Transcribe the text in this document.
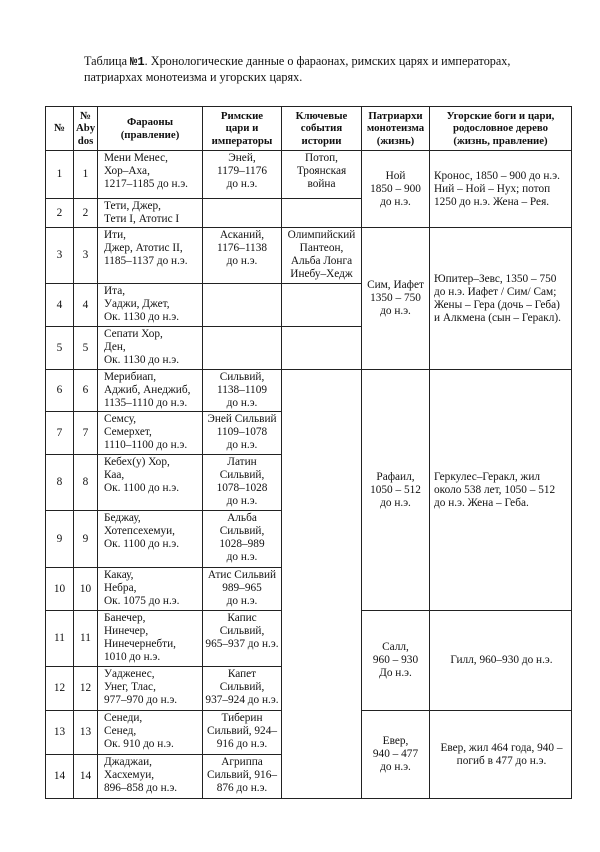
Таблица №1. Хронологические данные о фараонах, римских царях и императорах, патриархах монотеизма и угорских царях.
№	№
Aby
dos	Фараоны
(правление)	Римские
цари и
императоры	Ключевые
события
истории	Патриархи
монотеизма
(жизнь)	Угорские боги и цари,
родословное дерево
(жизнь, правление)

1	1	Мени Менес,
Хор–Аха,
1217–1185 до н.э.	Эней,
1179–1176
до н.э.	Потоп,
Троянская
война	Ной
1850 – 900
до н.э.	Кронос, 1850 – 900 до н.э.
Ний – Ной – Нух; потоп
1250 до н.э. Жена – Рея.

2	2	Тети, Джер,
Тети I, Атотис I				

3	3	Ити,
Джер, Атотис II,
1185–1137 до н.э.	Асканий,
1176–1138
до н.э.	Олимпийский
Пантеон,
Альба Лонга
Инебу–Хедж	Сим, Иафет
1350 – 750
до н.э.	Юпитер–Зевс, 1350 – 750
до н.э. Иафет / Сим/ Сам;
Жены – Гера (дочь – Геба)
и Алкмена (сын – Геракл).

4	4	Ита,
Уаджи, Джет,
Ок. 1130 до н.э.				

5	5	Сепати Хор,
Ден,
Ок. 1130 до н.э.				

6	6	Мерибиап,
Аджиб, Анеджиб,
1135–1110 до н.э.	Сильвий,
1138–1109
до н.э.		Рафаил,
1050 – 512
до н.э.	Геркулес–Геракл, жил
около 538 лет, 1050 – 512
до н.э. Жена – Геба.

7	7	Семсу,
Семерхет,
1110–1100 до н.э.	Эней Сильвий
1109–1078
до н.э.			

8	8	Кебех(у) Хор,
Каа,
Ок. 1100 до н.э.	Латин
Сильвий,
1078–1028
до н.э.			

9	9	Беджау,
Хотепсехемуи,
Ок. 1100 до н.э.	Альба
Сильвий,
1028–989
до н.э.			

10	10	Какау,
Небра,
Ок. 1075 до н.э.	Атис Сильвий
989–965
до н.э.			

11	11	Банечер,
Нинечер,
Нинечернебти,
1010 до н.э.	Капис
Сильвий,
965–937 до н.э.		Салл,
960 – 930
До н.э.	Гилл, 960–930 до н.э.

12	12	Уадженес,
Унег, Тлас,
977–970 до н.э.	Капет
Сильвий,
937–924 до н.э.			

13	13	Сенеди,
Сенед,
Ок. 910 до н.э.	Тиберин
Сильвий, 924–
916 до н.э.		Евер,
940 – 477
до н.э.	Евер, жил 464 года, 940 –
погиб в 477 до н.э.

14	14	Джаджаи,
Хасхемуи,
896–858 до н.э.	Агриппа
Сильвий, 916–
876 до н.э.			
